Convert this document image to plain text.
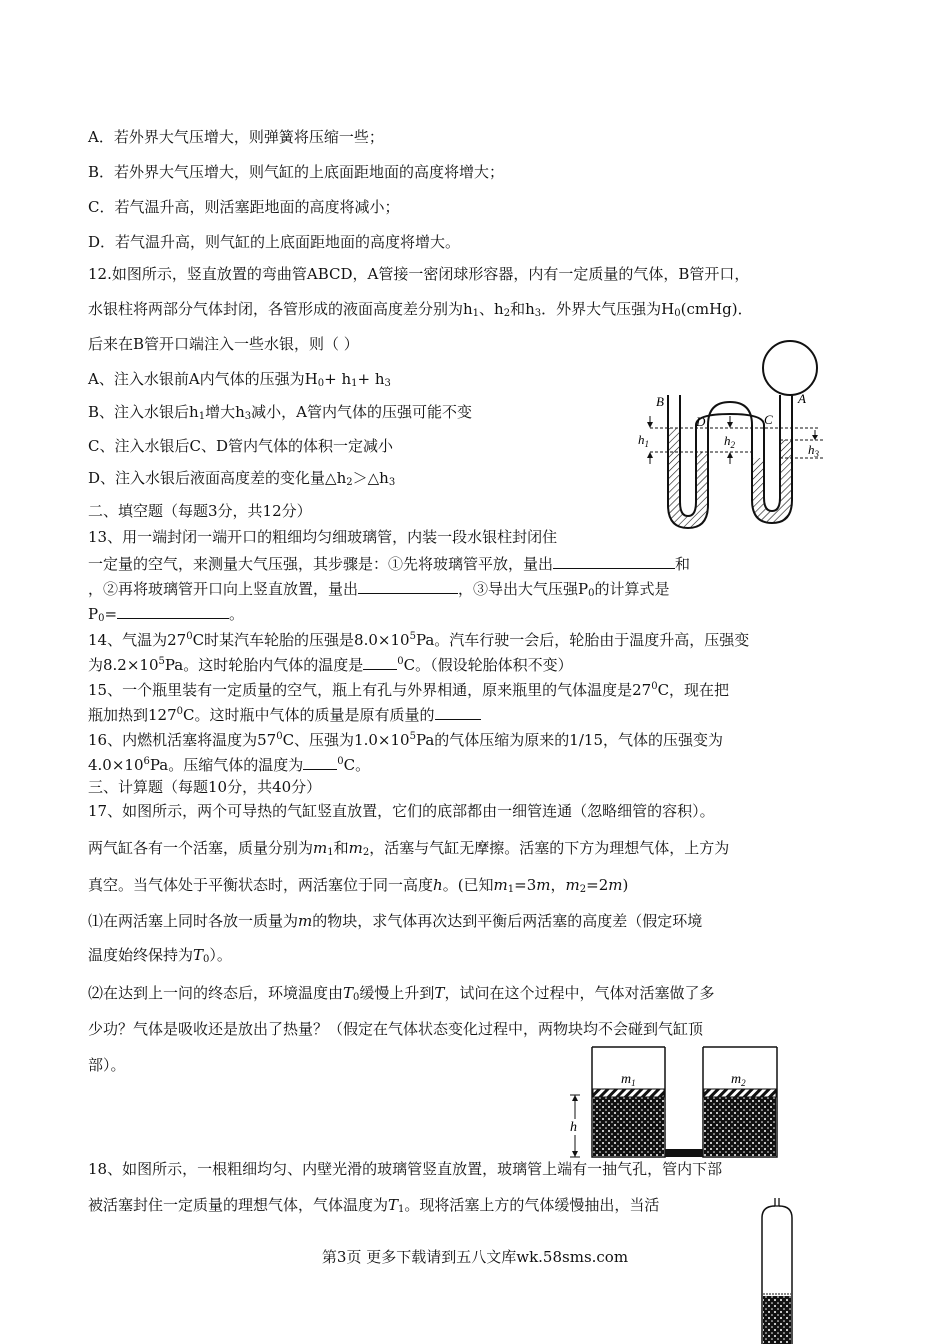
A．若外界大气压增大，则弹簧将压缩一些；
B．若外界大气压增大，则气缸的上底面距地面的高度将增大；
C．若气温升高，则活塞距地面的高度将减小；
D．若气温升高，则气缸的上底面距地面的高度将增大。
12.如图所示，竖直放置的弯曲管ABCD，A管接一密闭球形容器，内有一定质量的气体，B管开口，
水银柱将两部分气体封闭，各管形成的液面高度差分别为$h_1$、$h_2$和$h_3$．外界大气压强为$H_0(cmHg)$．
后来在B管开口端注入一些水银，则（ ）
A、注入水银前A内气体的压强为$H_0+ h_1+ h_3$
B、注入水银后$h_1$增大$h_3$减小，A管内气体的压强可能不变
C、注入水银后C、D管内气体的体积一定减小
D、注入水银后液面高度差的变化量$\triangle h_2>\triangle h_3$
B	A
C
D
$h_1$	$h_2$	$h_3$
二、填空题（每题3分，共12分）
13、用一端封闭一端开口的粗细均匀细玻璃管，内装一段水银柱封闭住
一定量的空气，来测量大气压强，其步骤是：①先将玻璃管平放，量出	和
，②再将玻璃管开口向上竖直放置，量出	，③导出大气压强$P_0$的计算式是
$P_0=$	。
14、气温为$27^0C$时某汽车轮胎的压强是$8.0\times 10^5Pa$。汽车行驶一会后，轮胎由于温度升高，压强变
为$8.2\times 10^5Pa$。这时轮胎内气体的温度是	$^0$C。（假设轮胎体积不变）
15、一个瓶里装有一定质量的空气，瓶上有孔与外界相通，原来瓶里的气体温度是$27^0C$，现在把
瓶加热到$127^0C$。这时瓶中气体的质量是原有质量的
16、内燃机活塞将温度为$57^0C$、压强为$1.0\times 10^5Pa$的气体压缩为原来的1/15，气体的压强变为
$4.0\times 10^6Pa$。压缩气体的温度为	$^0$C。
三、计算题（每题10分，共40分）
17、如图所示，两个可导热的气缸竖直放置，它们的底部都由一细管连通（忽略细管的容积）。
两气缸各有一个活塞，质量分别为$m_1$和$m_2$，活塞与气缸无摩擦。活塞的下方为理想气体，上方为
真空。当气体处于平衡状态时，两活塞位于同一高度h。(已知$m_1=3m$，$m_2=2m$)
⑴在两活塞上同时各放一质量为m的物块，求气体再次达到平衡后两活塞的高度差（假定环境
温度始终保持为$T_0$）。
⑵在达到上一问的终态后，环境温度由$T_0$缓慢上升到T，试问在这个过程中，气体对活塞做了多
少功？气体是吸收还是放出了热量？（假定在气体状态变化过程中，两物块均不会碰到气缸顶
部）。
h
$m_1$	$m_2$
18、如图所示，一根粗细均匀、内壁光滑的玻璃管竖直放置，玻璃管上端有一抽气孔，管内下部
被活塞封住一定质量的理想气体，气体温度为$T_1$。现将活塞上方的气体缓慢抽出，当活
第3页 更多下载请到五八文库wk.58sms.com
